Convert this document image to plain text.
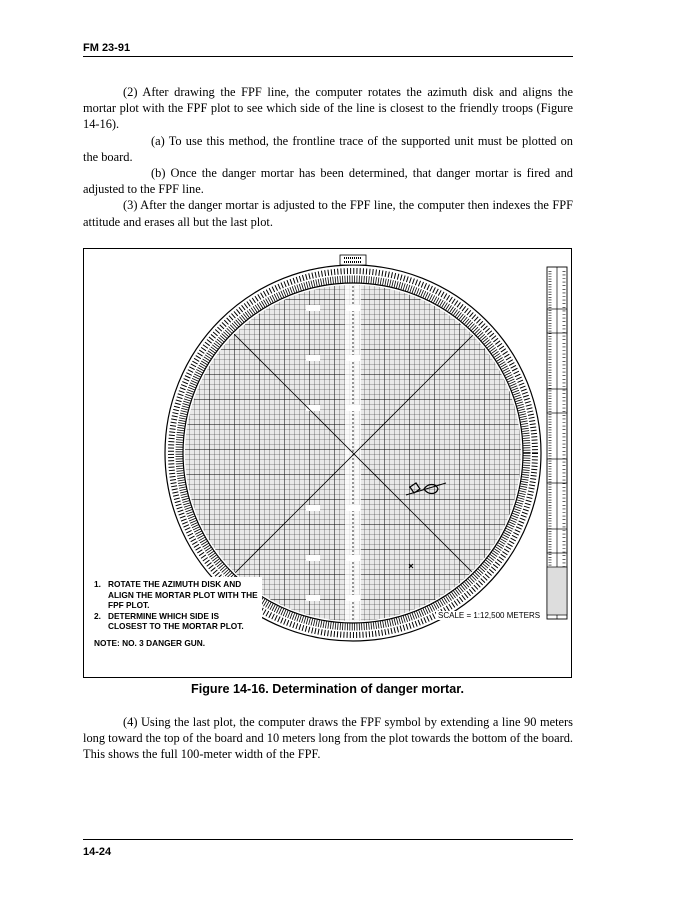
FM 23-91

(2) After drawing the FPF line, the computer rotates the azimuth disk and aligns the mortar plot with the FPF plot to see which side of the line is closest to the friendly troops (Figure 14-16).

(a) To use this method, the frontline trace of the supported unit must be plotted on the board.

(b) Once the danger mortar has been determined, that danger mortar is fired and adjusted to the FPF line.

(3) After the danger mortar is adjusted to the FPF line, the computer then indexes the FPF attitude and erases all but the last plot.

1. ROTATE THE AZIMUTH DISK AND ALIGN THE MORTAR PLOT WITH THE FPF PLOT.
2. DETERMINE WHICH SIDE IS CLOSEST TO THE MORTAR PLOT.
NOTE: NO. 3 DANGER GUN.
SCALE = 1:12,500 METERS
Figure 14-16. Determination of danger mortar.

(4) Using the last plot, the computer draws the FPF symbol by extending a line 90 meters long toward the top of the board and 10 meters long from the plot towards the bottom of the board. This shows the full 100-meter width of the FPF.

14-24
